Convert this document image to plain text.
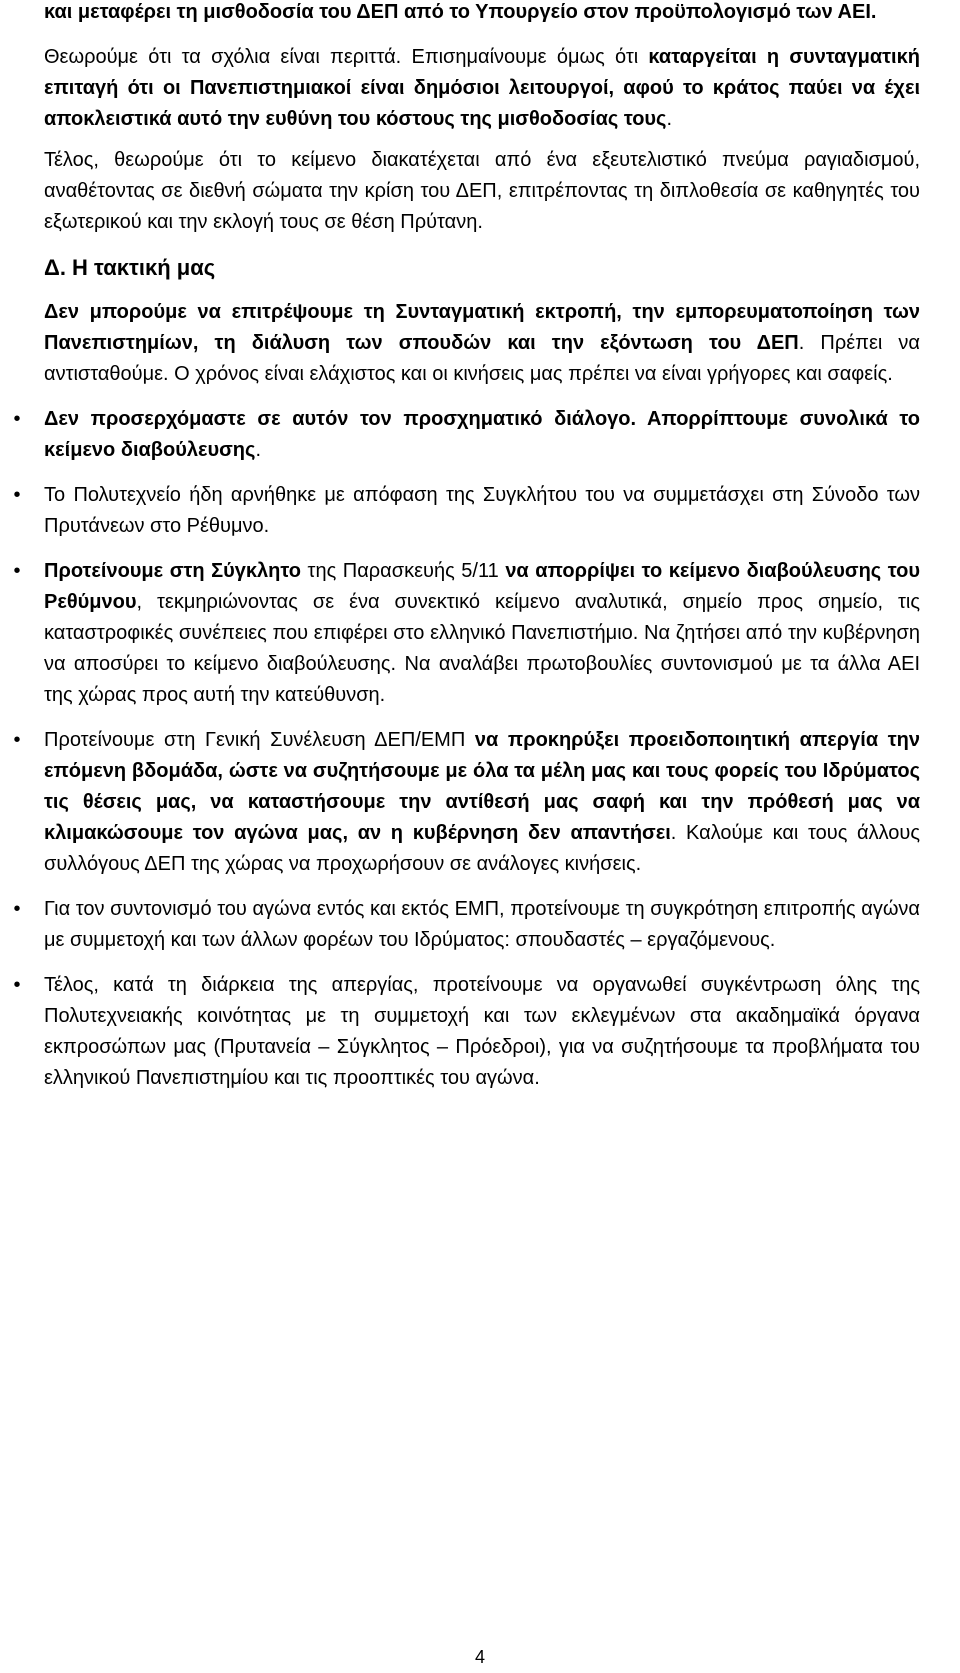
και μεταφέρει τη μισθοδοσία του ΔΕΠ από το Υπουργείο στον προϋπολογισμό των ΑΕΙ.

Θεωρούμε ότι τα σχόλια είναι περιττά. Επισημαίνουμε όμως ότι καταργείται η συνταγματική επιταγή ότι οι Πανεπιστημιακοί είναι δημόσιοι λειτουργοί, αφού το κράτος παύει να έχει αποκλειστικά αυτό την ευθύνη του κόστους της μισθοδοσίας τους.

Τέλος, θεωρούμε ότι το κείμενο διακατέχεται από ένα εξευτελιστικό πνεύμα ραγιαδισμού, αναθέτοντας σε διεθνή σώματα την κρίση του ΔΕΠ, επιτρέποντας τη διπλοθεσία σε καθηγητές του εξωτερικού και την εκλογή τους σε θέση Πρύτανη.

Δ. Η τακτική μας

Δεν μπορούμε να επιτρέψουμε τη Συνταγματική εκτροπή, την εμπορευματοποίηση των Πανεπιστημίων, τη διάλυση των σπουδών και την εξόντωση του ΔΕΠ. Πρέπει να αντισταθούμε. Ο χρόνος είναι ελάχιστος και οι κινήσεις μας πρέπει να είναι γρήγορες και σαφείς.

•	Δεν προσερχόμαστε σε αυτόν τον προσχηματικό διάλογο. Απορρίπτουμε συνολικά το κείμενο διαβούλευσης.
•	Το Πολυτεχνείο ήδη αρνήθηκε με απόφαση της Συγκλήτου του να συμμετάσχει στη Σύνοδο των Πρυτάνεων στο Ρέθυμνο.
•	Προτείνουμε στη Σύγκλητο της Παρασκευής 5/11 να απορρίψει το κείμενο διαβούλευσης του Ρεθύμνου, τεκμηριώνοντας σε ένα συνεκτικό κείμενο αναλυτικά, σημείο προς σημείο, τις καταστροφικές συνέπειες που επιφέρει στο ελληνικό Πανεπιστήμιο. Να ζητήσει από την κυβέρνηση να αποσύρει το κείμενο διαβούλευσης. Να αναλάβει πρωτοβουλίες συντονισμού με τα άλλα ΑΕΙ της χώρας προς αυτή την κατεύθυνση.
•	Προτείνουμε στη Γενική Συνέλευση ΔΕΠ/ΕΜΠ να προκηρύξει προειδοποιητική απεργία την επόμενη βδομάδα, ώστε να συζητήσουμε με όλα τα μέλη μας και τους φορείς του Ιδρύματος τις θέσεις μας, να καταστήσουμε την αντίθεσή μας σαφή και την πρόθεσή μας να κλιμακώσουμε τον αγώνα μας, αν η κυβέρνηση δεν απαντήσει. Καλούμε και τους άλλους συλλόγους ΔΕΠ της χώρας να προχωρήσουν σε ανάλογες κινήσεις.
•	Για τον συντονισμό του αγώνα εντός και εκτός ΕΜΠ, προτείνουμε τη συγκρότηση επιτροπής αγώνα με συμμετοχή και των άλλων φορέων του Ιδρύματος: σπουδαστές – εργαζόμενους.
•	Τέλος, κατά τη διάρκεια της απεργίας, προτείνουμε να οργανωθεί συγκέντρωση όλης της Πολυτεχνειακής κοινότητας με τη συμμετοχή και των εκλεγμένων στα ακαδημαϊκά όργανα εκπροσώπων μας (Πρυτανεία – Σύγκλητος – Πρόεδροι), για να συζητήσουμε τα προβλήματα του ελληνικού Πανεπιστημίου και τις προοπτικές του αγώνα.
4
